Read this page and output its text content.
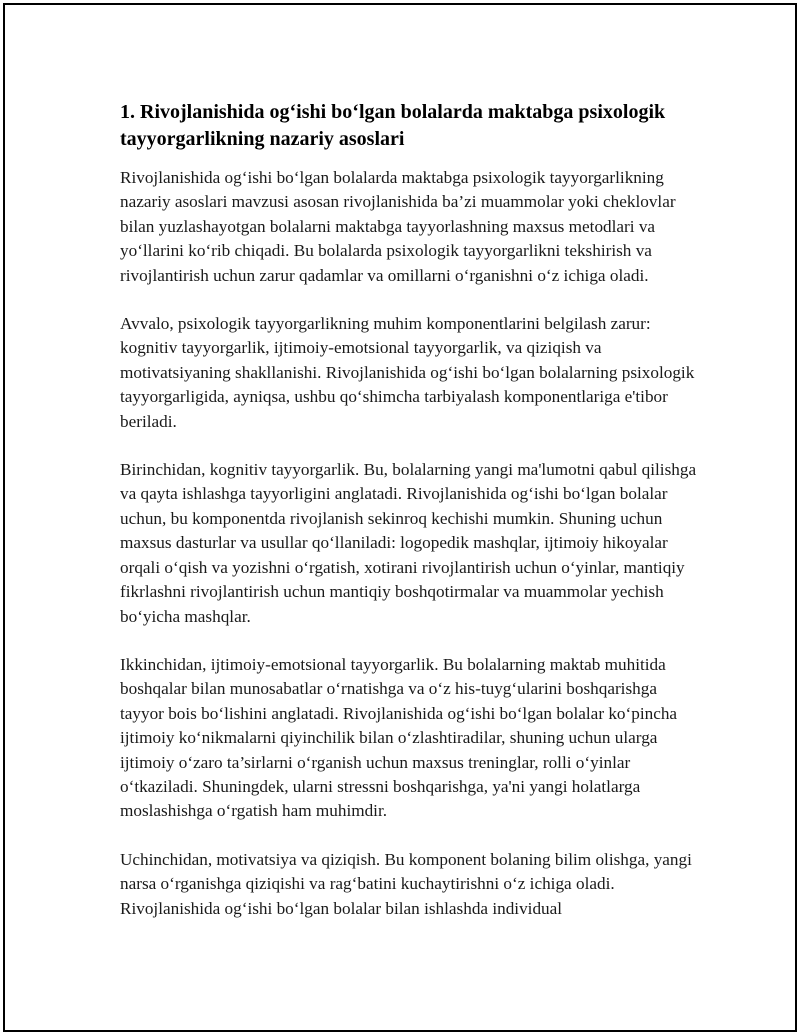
1. Rivojlanishida og‘ishi bo‘lgan bolalarda maktabga psixologik tayyorgarlikning nazariy asoslari

Rivojlanishida og‘ishi bo‘lgan bolalarda maktabga psixologik tayyorgarlikning nazariy asoslari mavzusi asosan rivojlanishida ba’zi muammolar yoki cheklovlar bilan yuzlashayotgan bolalarni maktabga tayyorlashning maxsus metodlari va yo‘llarini ko‘rib chiqadi. Bu bolalarda psixologik tayyorgarlikni tekshirish va rivojlantirish uchun zarur qadamlar va omillarni o‘rganishni o‘z ichiga oladi.

Avvalo, psixologik tayyorgarlikning muhim komponentlarini belgilash zarur: kognitiv tayyorgarlik, ijtimoiy-emotsional tayyorgarlik, va qiziqish va motivatsiyaning shakllanishi. Rivojlanishida og‘ishi bo‘lgan bolalarning psixologik tayyorgarligida, ayniqsa, ushbu qo‘shimcha tarbiyalash komponentlariga e'tibor beriladi.

Birinchidan, kognitiv tayyorgarlik. Bu, bolalarning yangi ma'lumotni qabul qilishga va qayta ishlashga tayyorligini anglatadi. Rivojlanishida og‘ishi bo‘lgan bolalar uchun, bu komponentda rivojlanish sekinroq kechishi mumkin. Shuning uchun maxsus dasturlar va usullar qo‘llaniladi: logopedik mashqlar, ijtimoiy hikoyalar orqali o‘qish va yozishni o‘rgatish, xotirani rivojlantirish uchun o‘yinlar, mantiqiy fikrlashni rivojlantirish uchun mantiqiy boshqotirmalar va muammolar yechish bo‘yicha mashqlar.

Ikkinchidan, ijtimoiy-emotsional tayyorgarlik. Bu bolalarning maktab muhitida boshqalar bilan munosabatlar o‘rnatishga va o‘z his-tuyg‘ularini boshqarishga tayyor bois bo‘lishini anglatadi. Rivojlanishida og‘ishi bo‘lgan bolalar ko‘pincha ijtimoiy ko‘nikmalarni qiyinchilik bilan o‘zlashtiradilar, shuning uchun ularga ijtimoiy o‘zaro ta’sirlarni o‘rganish uchun maxsus treninglar, rolli o‘yinlar o‘tkaziladi. Shuningdek, ularni stressni boshqarishga, ya'ni yangi holatlarga moslashishga o‘rgatish ham muhimdir.

Uchinchidan, motivatsiya va qiziqish. Bu komponent bolaning bilim olishga, yangi narsa o‘rganishga qiziqishi va rag‘batini kuchaytirishni o‘z ichiga oladi. Rivojlanishida og‘ishi bo‘lgan bolalar bilan ishlashda individual
